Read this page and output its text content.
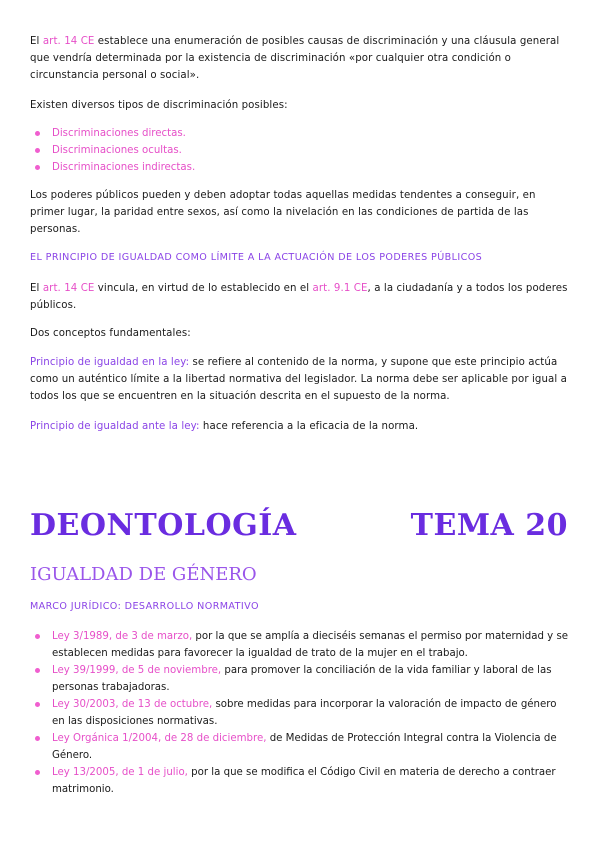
El art. 14 CE establece una enumeración de posibles causas de discriminación y una cláusula general que vendría determinada por la existencia de discriminación «por cualquier otra condición o circunstancia personal o social».

Existen diversos tipos de discriminación posibles:

Discriminaciones directas.
Discriminaciones ocultas.
Discriminaciones indirectas.

Los poderes públicos pueden y deben adoptar todas aquellas medidas tendentes a conseguir, en primer lugar, la paridad entre sexos, así como la nivelación en las condiciones de partida de las personas.

EL PRINCIPIO DE IGUALDAD COMO LÍMITE A LA ACTUACIÓN DE LOS PODERES PÚBLICOS

El art. 14 CE vincula, en virtud de lo establecido en el art. 9.1 CE, a la ciudadanía y a todos los poderes públicos.

Dos conceptos fundamentales:

Principio de igualdad en la ley: se refiere al contenido de la norma, y supone que este principio actúa como un auténtico límite a la libertad normativa del legislador. La norma debe ser aplicable por igual a todos los que se encuentren en la situación descrita en el supuesto de la norma.

Principio de igualdad ante la ley: hace referencia a la eficacia de la norma.

DEONTOLOGÍA	TEMA 20
IGUALDAD DE GÉNERO
MARCO JURÍDICO: DESARROLLO NORMATIVO
Ley 3/1989, de 3 de marzo, por la que se amplía a dieciséis semanas el permiso por maternidad y se establecen medidas para favorecer la igualdad de trato de la mujer en el trabajo.
Ley 39/1999, de 5 de noviembre, para promover la conciliación de la vida familiar y laboral de las personas trabajadoras.
Ley 30/2003, de 13 de octubre, sobre medidas para incorporar la valoración de impacto de género en las disposiciones normativas.
Ley Orgánica 1/2004, de 28 de diciembre, de Medidas de Protección Integral contra la Violencia de Género.
Ley 13/2005, de 1 de julio, por la que se modifica el Código Civil en materia de derecho a contraer matrimonio.
